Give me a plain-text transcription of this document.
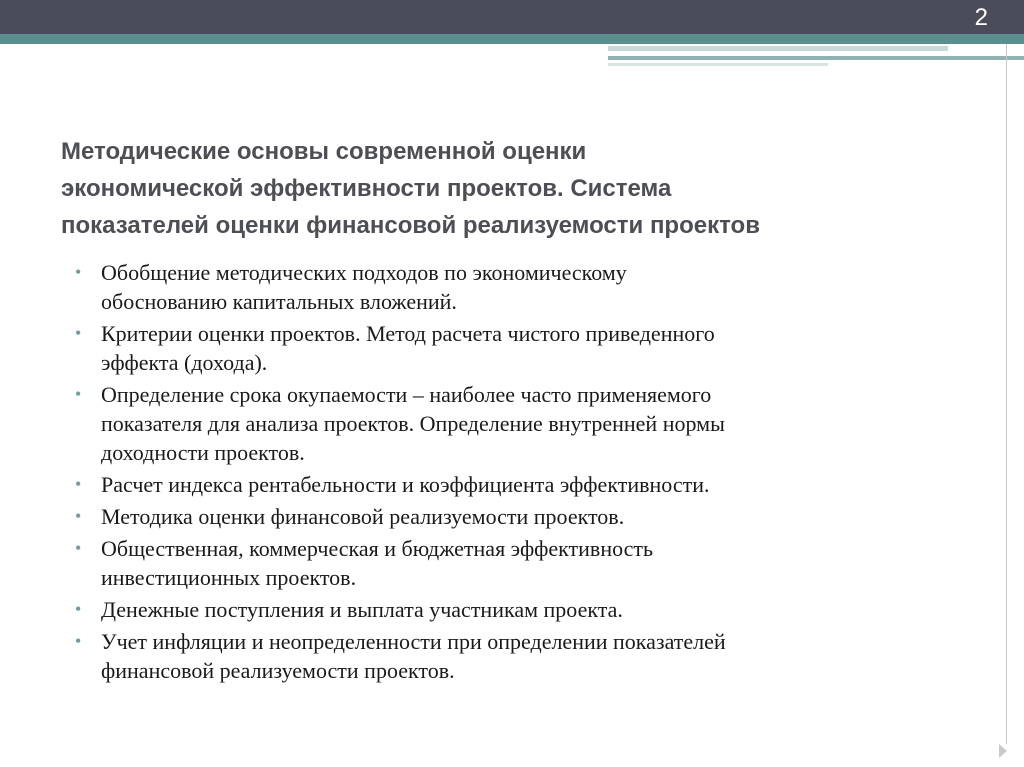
2
Методические основы современной оценки
экономической эффективности проектов. Система
показателей оценки финансовой реализуемости проектов
• Обобщение методических подходов по экономическому
обоснованию капитальных вложений.
• Критерии оценки проектов. Метод расчета чистого приведенного
эффекта (дохода).
• Определение срока окупаемости – наиболее часто применяемого
показателя для анализа проектов. Определение внутренней нормы
доходности проектов.
• Расчет индекса рентабельности и коэффициента эффективности.
• Методика оценки финансовой реализуемости проектов.
• Общественная, коммерческая и бюджетная эффективность
инвестиционных проектов.
• Денежные поступления и выплата участникам проекта.
• Учет инфляции и неопределенности при определении показателей
финансовой реализуемости проектов.
